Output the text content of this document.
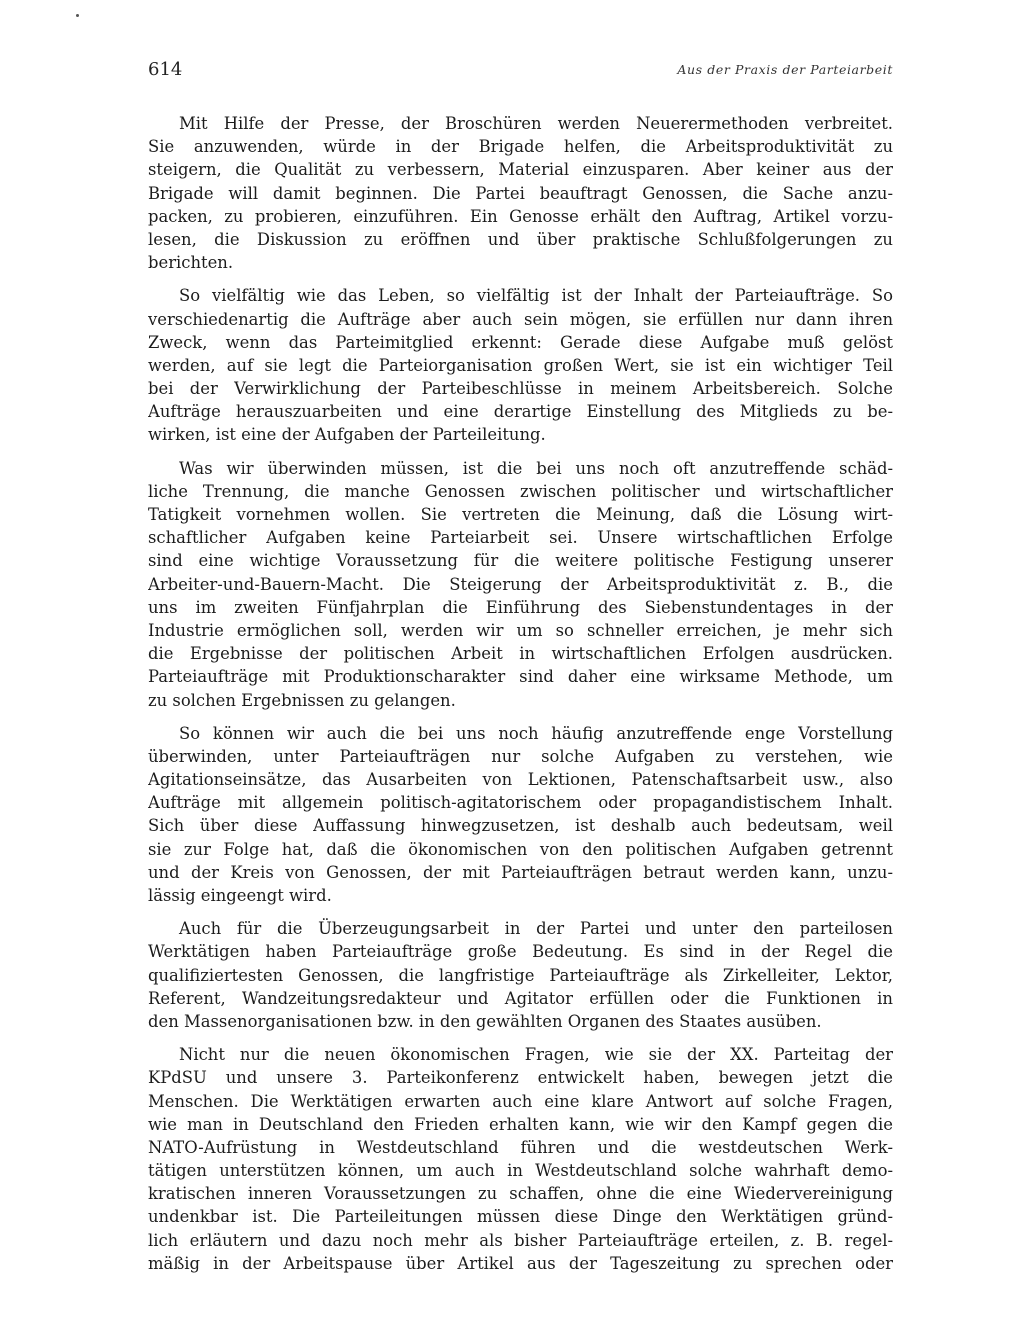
614	Aus der Praxis der Parteiarbeit
Mit Hilfe der Presse, der Broschüren werden Neuerermethoden verbreitet.
Sie anzuwenden, würde in der Brigade helfen, die Arbeitsproduktivität zu
steigern, die Qualität zu verbessern, Material einzusparen. Aber keiner aus der
Brigade will damit beginnen. Die Partei beauftragt Genossen, die Sache anzu-
packen, zu probieren, einzuführen. Ein Genosse erhält den Auftrag, Artikel vorzu-
lesen, die Diskussion zu eröffnen und über praktische Schlußfolgerungen zu
berichten.
So vielfältig wie das Leben, so vielfältig ist der Inhalt der Parteiaufträge. So
verschiedenartig die Aufträge aber auch sein mögen, sie erfüllen nur dann ihren
Zweck, wenn das Parteimitglied erkennt: Gerade diese Aufgabe muß gelöst
werden, auf sie legt die Parteiorganisation großen Wert, sie ist ein wichtiger Teil
bei der Verwirklichung der Parteibeschlüsse in meinem Arbeitsbereich. Solche
Aufträge herauszuarbeiten und eine derartige Einstellung des Mitglieds zu be-
wirken, ist eine der Aufgaben der Parteileitung.
Was wir überwinden müssen, ist die bei uns noch oft anzutreffende schäd-
liche Trennung, die manche Genossen zwischen politischer und wirtschaftlicher
Tatigkeit vornehmen wollen. Sie vertreten die Meinung, daß die Lösung wirt-
schaftlicher Aufgaben keine Parteiarbeit sei. Unsere wirtschaftlichen Erfolge
sind eine wichtige Voraussetzung für die weitere politische Festigung unserer
Arbeiter-und-Bauern-Macht. Die Steigerung der Arbeitsproduktivität z. B., die
uns im zweiten Fünfjahrplan die Einführung des Siebenstundentages in der
Industrie ermöglichen soll, werden wir um so schneller erreichen, je mehr sich
die Ergebnisse der politischen Arbeit in wirtschaftlichen Erfolgen ausdrücken.
Parteiaufträge mit Produktionscharakter sind daher eine wirksame Methode, um
zu solchen Ergebnissen zu gelangen.
So können wir auch die bei uns noch häufig anzutreffende enge Vorstellung
überwinden, unter Parteiaufträgen nur solche Aufgaben zu verstehen, wie
Agitationseinsätze, das Ausarbeiten von Lektionen, Patenschaftsarbeit usw., also
Aufträge mit allgemein politisch-agitatorischem oder propagandistischem Inhalt.
Sich über diese Auffassung hinwegzusetzen, ist deshalb auch bedeutsam, weil
sie zur Folge hat, daß die ökonomischen von den politischen Aufgaben getrennt
und der Kreis von Genossen, der mit Parteiaufträgen betraut werden kann, unzu-
lässig eingeengt wird.
Auch für die Überzeugungsarbeit in der Partei und unter den parteilosen
Werktätigen haben Parteiaufträge große Bedeutung. Es sind in der Regel die
qualifiziertesten Genossen, die langfristige Parteiaufträge als Zirkelleiter, Lektor,
Referent, Wandzeitungsredakteur und Agitator erfüllen oder die Funktionen in
den Massenorganisationen bzw. in den gewählten Organen des Staates ausüben.
Nicht nur die neuen ökonomischen Fragen, wie sie der XX. Parteitag der
KPdSU und unsere 3. Parteikonferenz entwickelt haben, bewegen jetzt die
Menschen. Die Werktätigen erwarten auch eine klare Antwort auf solche Fragen,
wie man in Deutschland den Frieden erhalten kann, wie wir den Kampf gegen die
NATO-Aufrüstung in Westdeutschland führen und die westdeutschen Werk-
tätigen unterstützen können, um auch in Westdeutschland solche wahrhaft demo-
kratischen inneren Voraussetzungen zu schaffen, ohne die eine Wiedervereinigung
undenkbar ist. Die Parteileitungen müssen diese Dinge den Werktätigen gründ-
lich erläutern und dazu noch mehr als bisher Parteiaufträge erteilen, z. B. regel-
mäßig in der Arbeitspause über Artikel aus der Tageszeitung zu sprechen oder
